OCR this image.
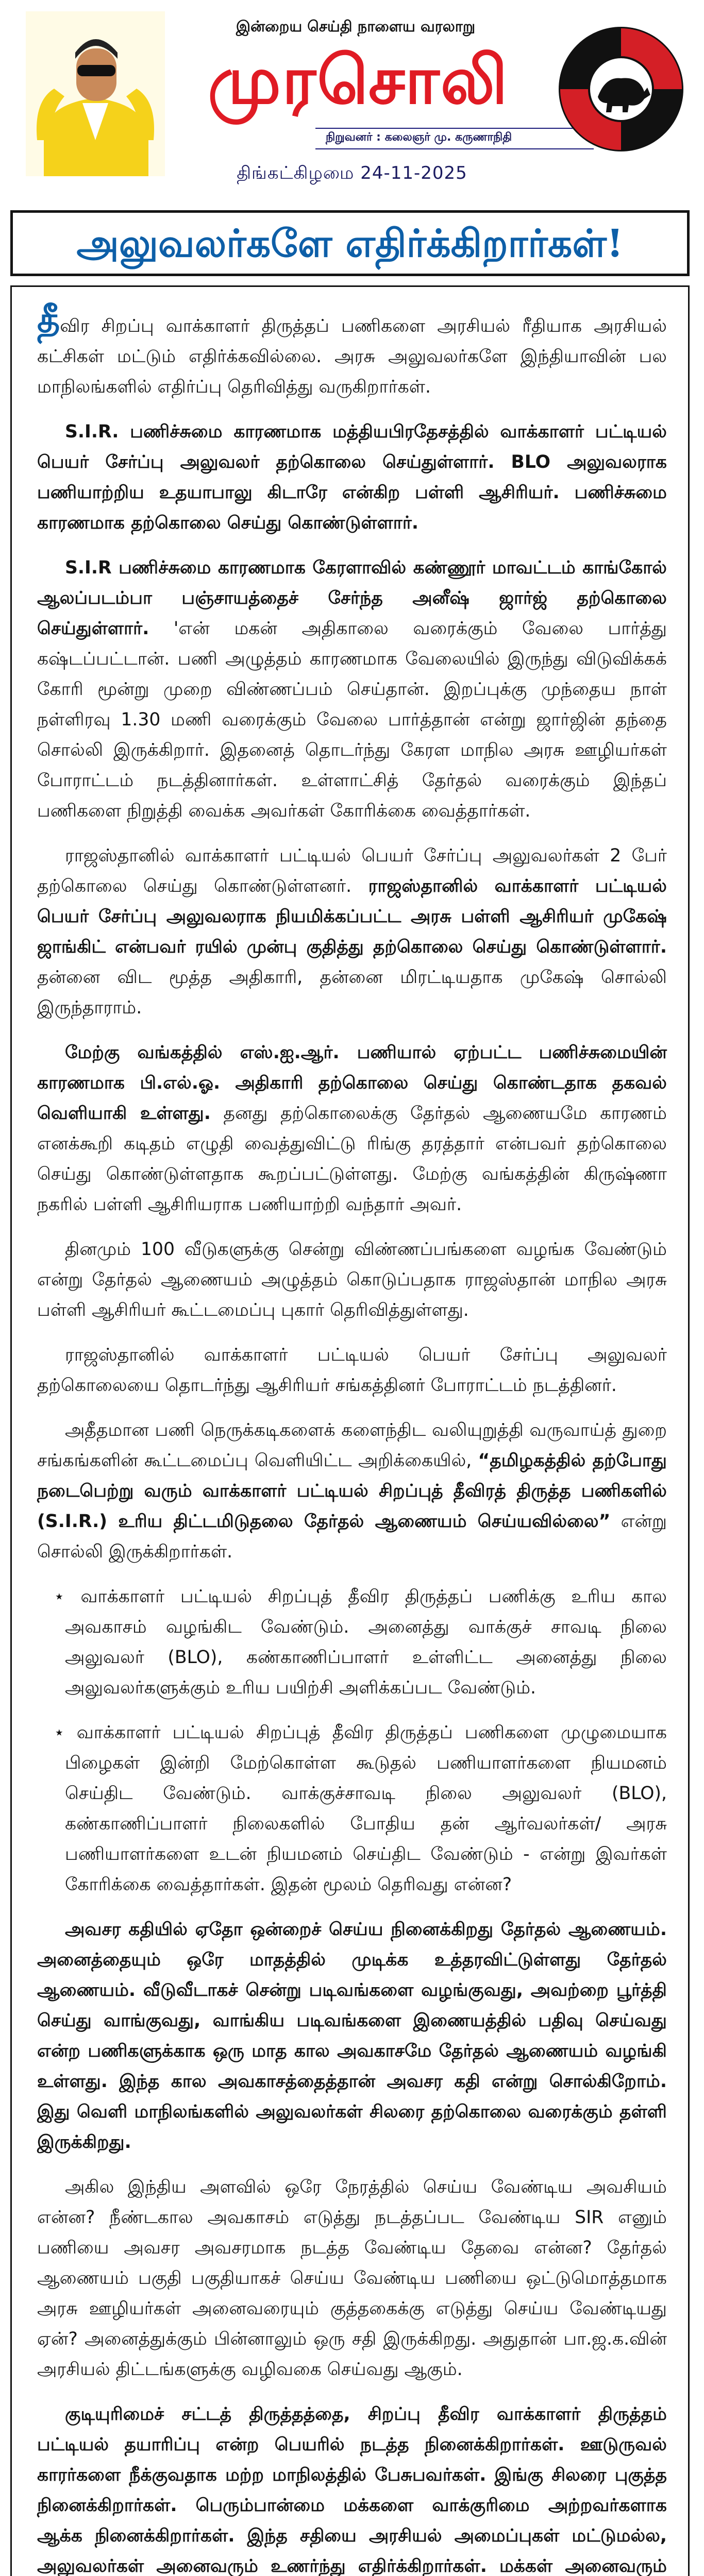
இன்றைய செய்தி நாளைய வரலாறு
முரசொலி
நிறுவனர் : கலைஞர் மு. கருணாநிதி
திங்கட்கிழமை 24-11-2025
அலுவலர்களே எதிர்க்கிறார்கள்!

தீவிர சிறப்பு வாக்காளர் திருத்தப் பணிகளை அரசியல் ரீதியாக அரசியல் கட்சிகள் மட்டும் எதிர்க்கவில்லை. அரசு அலுவலர்களே இந்தியாவின் பல மாநிலங்களில் எதிர்ப்பு தெரிவித்து வருகிறார்கள்.

S.I.R. பணிச்சுமை காரணமாக மத்தியபிரதேசத்தில் வாக்காளர் பட்டியல் பெயர் சேர்ப்பு அலுவலர் தற்கொலை செய்துள்ளார். BLO அலுவலராக பணியாற்றிய உதயாபாலு கிடாரே என்கிற பள்ளி ஆசிரியர். பணிச்சுமை காரணமாக தற்கொலை செய்து கொண்டுள்ளார்.

S.I.R பணிச்சுமை காரணமாக கேரளாவில் கண்ணூர் மாவட்டம் காங்கோல் ஆலப்படம்பா பஞ்சாயத்தைச் சேர்ந்த அனீஷ் ஜார்ஜ் தற்கொலை செய்துள்ளார். 'என் மகன் அதிகாலை வரைக்கும் வேலை பார்த்து கஷ்டப்பட்டான். பணி அழுத்தம் காரணமாக வேலையில் இருந்து விடுவிக்கக் கோரி மூன்று முறை விண்ணப்பம் செய்தான். இறப்புக்கு முந்தைய நாள் நள்ளிரவு 1.30 மணி வரைக்கும் வேலை பார்த்தான் என்று ஜார்ஜின் தந்தை சொல்லி இருக்கிறார். இதனைத் தொடர்ந்து கேரள மாநில அரசு ஊழியர்கள் போராட்டம் நடத்தினார்கள். உள்ளாட்சித் தேர்தல் வரைக்கும் இந்தப் பணிகளை நிறுத்தி வைக்க அவர்கள் கோரிக்கை வைத்தார்கள்.

ராஜஸ்தானில் வாக்காளர் பட்டியல் பெயர் சேர்ப்பு அலுவலர்கள் 2 பேர் தற்கொலை செய்து கொண்டுள்ளனர். ராஜஸ்தானில் வாக்காளர் பட்டியல் பெயர் சேர்ப்பு அலுவலராக நியமிக்கப்பட்ட அரசு பள்ளி ஆசிரியர் முகேஷ் ஜாங்கிட் என்பவர் ரயில் முன்பு குதித்து தற்கொலை செய்து கொண்டுள்ளார். தன்னை விட மூத்த அதிகாரி, தன்னை மிரட்டியதாக முகேஷ் சொல்லி இருந்தாராம்.

மேற்கு வங்கத்தில் எஸ்.ஐ.ஆர். பணியால் ஏற்பட்ட பணிச்சுமையின் காரணமாக பி.எல்.ஓ. அதிகாரி தற்கொலை செய்து கொண்டதாக தகவல் வெளியாகி உள்ளது. தனது தற்கொலைக்கு தேர்தல் ஆணையமே காரணம் எனக்கூறி கடிதம் எழுதி வைத்துவிட்டு ரிங்கு தரத்தார் என்பவர் தற்கொலை செய்து கொண்டுள்ளதாக கூறப்பட்டுள்ளது. மேற்கு வங்கத்தின் கிருஷ்ணா நகரில் பள்ளி ஆசிரியராக பணியாற்றி வந்தார் அவர்.

தினமும் 100 வீடுகளுக்கு சென்று விண்ணப்பங்களை வழங்க வேண்டும் என்று தேர்தல் ஆணையம் அழுத்தம் கொடுப்பதாக ராஜஸ்தான் மாநில அரசு பள்ளி ஆசிரியர் கூட்டமைப்பு புகார் தெரிவித்துள்ளது.

ராஜஸ்தானில் வாக்காளர் பட்டியல் பெயர் சேர்ப்பு அலுவலர் தற்கொலையை தொடர்ந்து ஆசிரியர் சங்கத்தினர் போராட்டம் நடத்தினர்.

அதீதமான பணி நெருக்கடிகளைக் களைந்திட வலியுறுத்தி வருவாய்த் துறை சங்கங்களின் கூட்டமைப்பு வெளியிட்ட அறிக்கையில், “தமிழகத்தில் தற்போது நடைபெற்று வரும் வாக்காளர் பட்டியல் சிறப்புத் தீவிரத் திருத்த பணிகளில் (S.I.R.) உரிய திட்டமிடுதலை தேர்தல் ஆணையம் செய்யவில்லை” என்று சொல்லி இருக்கிறார்கள்.

⋆ வாக்காளர் பட்டியல் சிறப்புத் தீவிர திருத்தப் பணிக்கு உரிய கால அவகாசம் வழங்கிட வேண்டும். அனைத்து வாக்குச் சாவடி நிலை அலுவலர் (BLO), கண்காணிப்பாளர் உள்ளிட்ட அனைத்து நிலை அலுவலர்களுக்கும் உரிய பயிற்சி அளிக்கப்பட வேண்டும்.

⋆ வாக்காளர் பட்டியல் சிறப்புத் தீவிர திருத்தப் பணிகளை முழுமையாக பிழைகள் இன்றி மேற்கொள்ள கூடுதல் பணியாளர்களை நியமனம் செய்திட வேண்டும். வாக்குச்சாவடி நிலை அலுவலர் (BLO), கண்காணிப்பாளர் நிலைகளில் போதிய தன் ஆர்வலர்கள்/ அரசு பணியாளர்களை உடன் நியமனம் செய்திட வேண்டும் - என்று இவர்கள் கோரிக்கை வைத்தார்கள். இதன் மூலம் தெரிவது என்ன?

அவசர கதியில் ஏதோ ஒன்றைச் செய்ய நினைக்கிறது தேர்தல் ஆணையம். அனைத்தையும் ஒரே மாதத்தில் முடிக்க உத்தரவிட்டுள்ளது தேர்தல் ஆணையம். வீடுவீடாகச் சென்று படிவங்களை வழங்குவது, அவற்றை பூர்த்தி செய்து வாங்குவது, வாங்கிய படிவங்களை இணையத்தில் பதிவு செய்வது என்ற பணிகளுக்காக ஒரு மாத கால அவகாசமே தேர்தல் ஆணையம் வழங்கி உள்ளது. இந்த கால அவகாசத்தைத்தான் அவசர கதி என்று சொல்கிறோம். இது வெளி மாநிலங்களில் அலுவலர்கள் சிலரை தற்கொலை வரைக்கும் தள்ளி இருக்கிறது.

அகில இந்திய அளவில் ஒரே நேரத்தில் செய்ய வேண்டிய அவசியம் என்ன? நீண்டகால அவகாசம் எடுத்து நடத்தப்பட வேண்டிய SIR எனும் பணியை அவசர அவசரமாக நடத்த வேண்டிய தேவை என்ன? தேர்தல் ஆணையம் பகுதி பகுதியாகச் செய்ய வேண்டிய பணியை ஒட்டுமொத்தமாக அரசு ஊழியர்கள் அனைவரையும் குத்தகைக்கு எடுத்து செய்ய வேண்டியது ஏன்? அனைத்துக்கும் பின்னாலும் ஒரு சதி இருக்கிறது. அதுதான் பா.ஜ.க.வின் அரசியல் திட்டங்களுக்கு வழிவகை செய்வது ஆகும்.

குடியுரிமைச் சட்டத் திருத்தத்தை, சிறப்பு தீவிர வாக்காளர் திருத்தம் பட்டியல் தயாரிப்பு என்ற பெயரில் நடத்த நினைக்கிறார்கள். ஊடுருவல் காரர்களை நீக்குவதாக மற்ற மாநிலத்தில் பேசுபவர்கள். இங்கு சிலரை புகுத்த நினைக்கிறார்கள். பெரும்பான்மை மக்களை வாக்குரிமை அற்றவர்களாக ஆக்க நினைக்கிறார்கள். இந்த சதியை அரசியல் அமைப்புகள் மட்டுமல்ல, அலுவலர்கள் அனைவரும் உணர்ந்து எதிர்க்கிறார்கள். மக்கள் அனைவரும்
